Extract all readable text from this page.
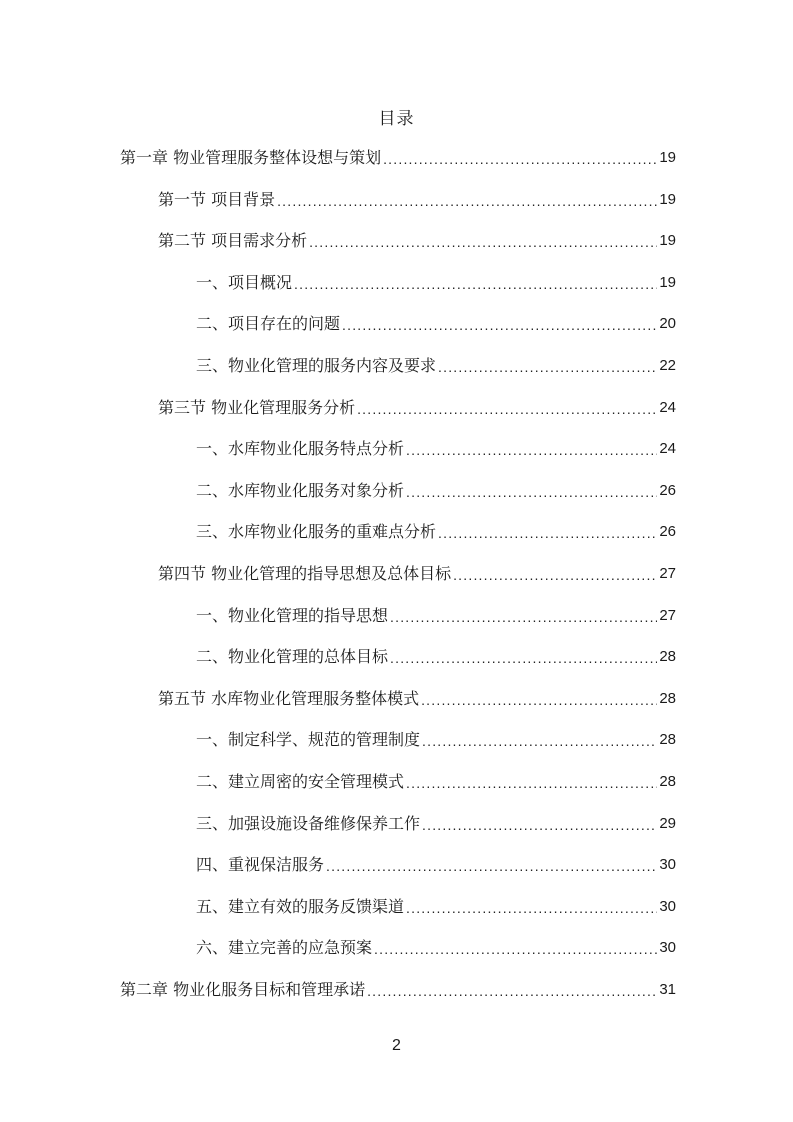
目录
第一章 物业管理服务整体设想与策划 .....	19
第一节 项目背景 .....	19
第二节 项目需求分析 .....	19
一、项目概况 .....	19
二、项目存在的问题 .....	20
三、物业化管理的服务内容及要求 .....	22
第三节 物业化管理服务分析 .....	24
一、水库物业化服务特点分析 .....	24
二、水库物业化服务对象分析 .....	26
三、水库物业化服务的重难点分析 .....	26
第四节 物业化管理的指导思想及总体目标 .....	27
一、物业化管理的指导思想 .....	27
二、物业化管理的总体目标 .....	28
第五节 水库物业化管理服务整体模式 .....	28
一、制定科学、规范的管理制度 .....	28
二、建立周密的安全管理模式 .....	28
三、加强设施设备维修保养工作 .....	29
四、重视保洁服务 .....	30
五、建立有效的服务反馈渠道 .....	30
六、建立完善的应急预案 .....	30
第二章 物业化服务目标和管理承诺 .....	31
2
